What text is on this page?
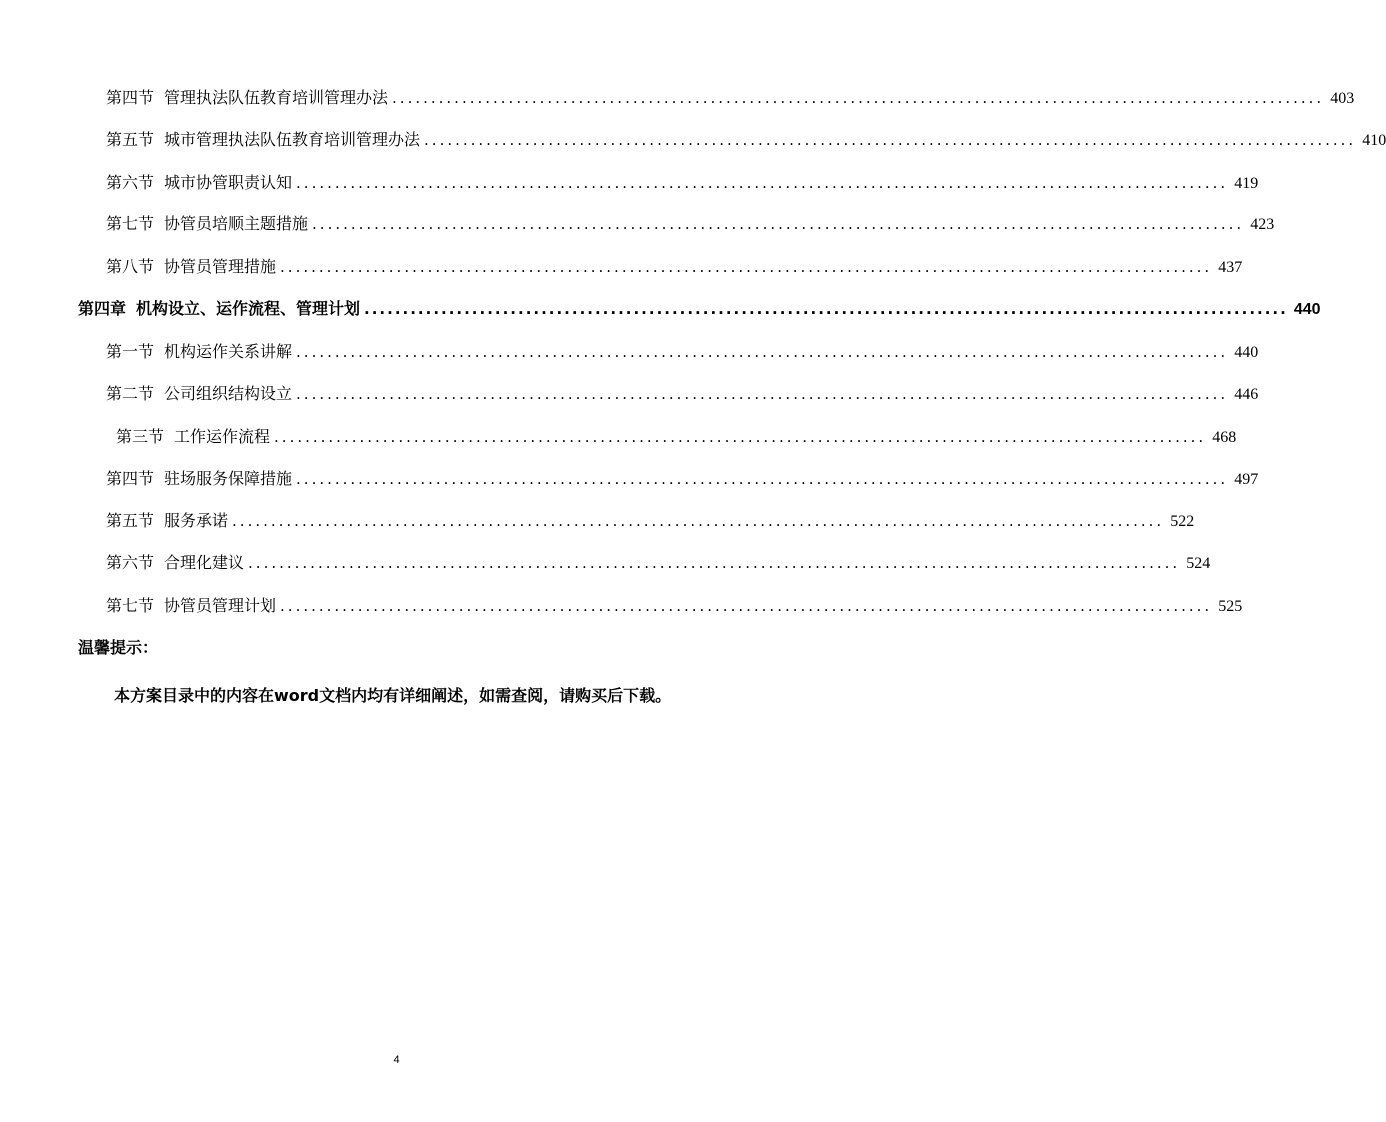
第四节 管理执法队伍教育培训管理办法 ........................................................................................................................ 403
第五节 城市管理执法队伍教育培训管理办法 ........................................................................................................................ 410
第六节 城市协管职责认知 ........................................................................................................................ 419
第七节 协管员培顺主题措施 ........................................................................................................................ 423
第八节 协管员管理措施 ........................................................................................................................ 437
第四章 机构设立、运作流程、管理计划 ........................................................................................................................ 440
第一节 机构运作关系讲解 ........................................................................................................................ 440
第二节 公司组织结构设立 ........................................................................................................................ 446
第三节 工作运作流程 ........................................................................................................................ 468
第四节 驻场服务保障措施 ........................................................................................................................ 497
第五节 服务承诺 ........................................................................................................................ 522
第六节 合理化建议 ........................................................................................................................ 524
第七节 协管员管理计划 ........................................................................................................................ 525
温馨提示：
本方案目录中的内容在word文档内均有详细阐述，如需查阅，请购买后下载。
4
